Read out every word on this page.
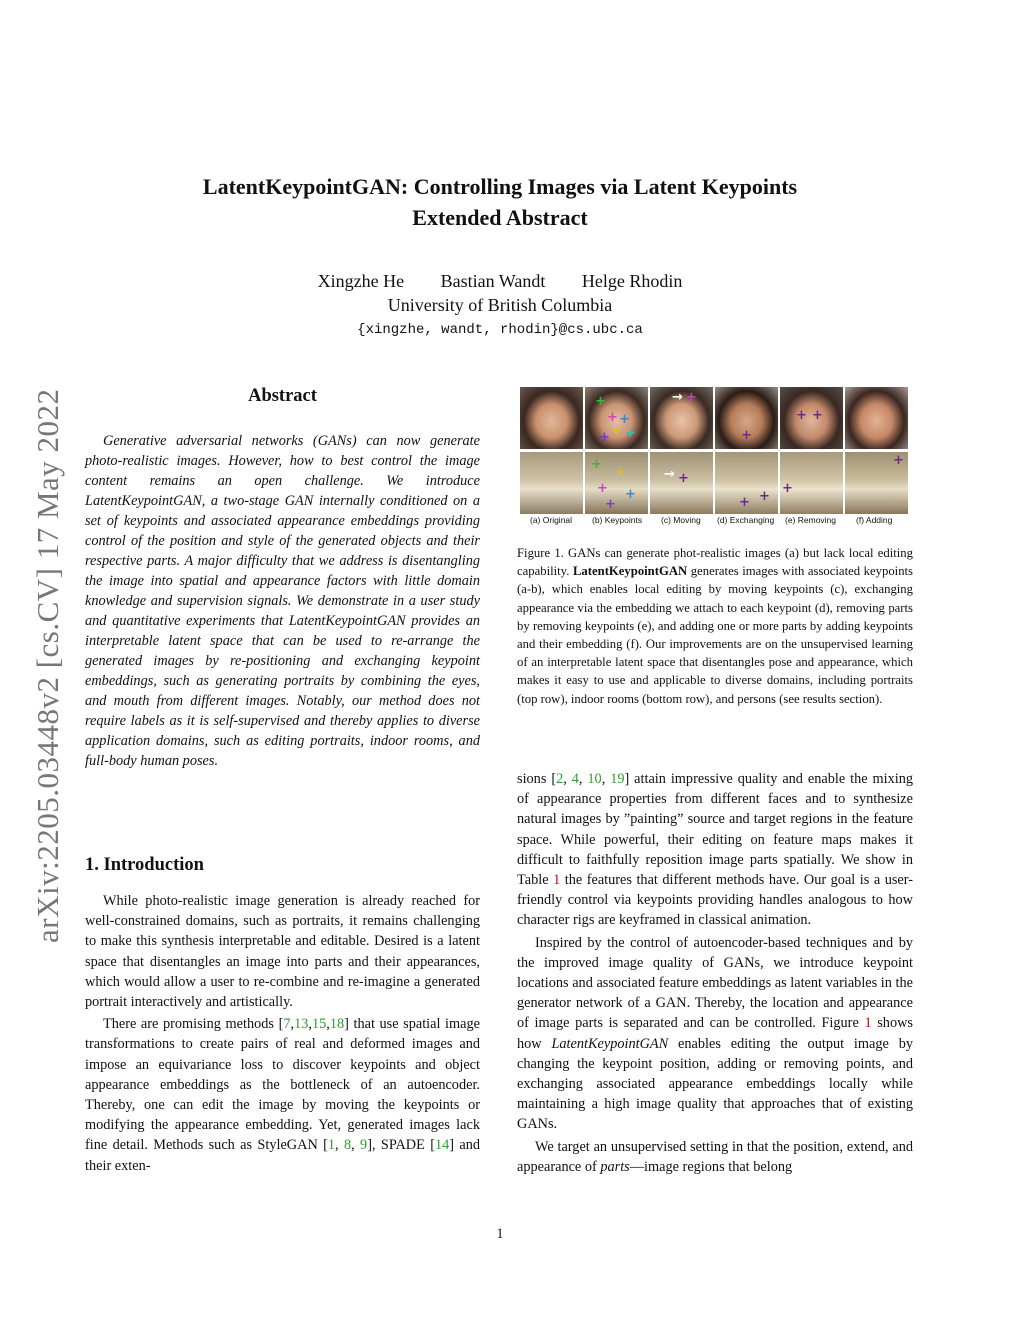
LatentKeypointGAN: Controlling Images via Latent Keypoints
Extended Abstract
Xingzhe He Bastian Wandt Helge Rhodin
University of British Columbia
{xingzhe, wandt, rhodin}@cs.ubc.ca
arXiv:2205.03448v2 [cs.CV] 17 May 2022	Abstract

Generative adversarial networks (GANs) can now generate photo-realistic images. However, how to best control the image content remains an open challenge. We introduce LatentKeypointGAN, a two-stage GAN internally conditioned on a set of keypoints and associated appearance embeddings providing control of the position and style of the generated objects and their respective parts. A major difficulty that we address is disentangling the image into spatial and appearance factors with little domain knowledge and supervision signals. We demonstrate in a user study and quantitative experiments that LatentKeypointGAN provides an interpretable latent space that can be used to re-arrange the generated images by re-positioning and exchanging keypoint embeddings, such as generating portraits by combining the eyes, and mouth from different images. Notably, our method does not require labels as it is self-supervised and thereby applies to diverse application domains, such as editing portraits, indoor rooms, and full-body human poses.

1. Introduction

While photo-realistic image generation is already reached for well-constrained domains, such as portraits, it remains challenging to make this synthesis interpretable and editable. Desired is a latent space that disentangles an image into parts and their appearances, which would allow a user to re-combine and re-imagine a generated portrait interactively and artistically.

There are promising methods [7,13,15,18] that use spatial image transformations to create pairs of real and deformed images and impose an equivariance loss to discover keypoints and object appearance embeddings as the bottleneck of an autoencoder. Thereby, one can edit the image by moving the keypoints or modifying the appearance embedding. Yet, generated images lack fine detail. Methods such as StyleGAN [1, 8, 9], SPADE [14] and their exten-

+
+ +
+ +
+
→ +
+
+ +
+
+
+ +
+
→ +
+ +
+
+
(a) Original (b) Keypoints (c) Moving (d) Exchanging (e) Removing (f) Adding

Figure 1. GANs can generate phot-realistic images (a) but lack local editing capability. LatentKeypointGAN generates images with associated keypoints (a-b), which enables local editing by moving keypoints (c), exchanging appearance via the embedding we attach to each keypoint (d), removing parts by removing keypoints (e), and adding one or more parts by adding keypoints and their embedding (f). Our improvements are on the unsupervised learning of an interpretable latent space that disentangles pose and appearance, which makes it easy to use and applicable to diverse domains, including portraits (top row), indoor rooms (bottom row), and persons (see results section).

sions [2, 4, 10, 19] attain impressive quality and enable the mixing of appearance properties from different faces and to synthesize natural images by ”painting” source and target regions in the feature space. While powerful, their editing on feature maps makes it difficult to faithfully reposition image parts spatially. We show in Table 1 the features that different methods have. Our goal is a user-friendly control via keypoints providing handles analogous to how character rigs are keyframed in classical animation.

Inspired by the control of autoencoder-based techniques and by the improved image quality of GANs, we introduce keypoint locations and associated feature embeddings as latent variables in the generator network of a GAN. Thereby, the location and appearance of image parts is separated and can be controlled. Figure 1 shows how LatentKeypointGAN enables editing the output image by changing the keypoint position, adding or removing points, and exchanging associated appearance embeddings locally while maintaining a high image quality that approaches that of existing GANs.

We target an unsupervised setting in that the position, extend, and appearance of parts—image regions that belong

1
